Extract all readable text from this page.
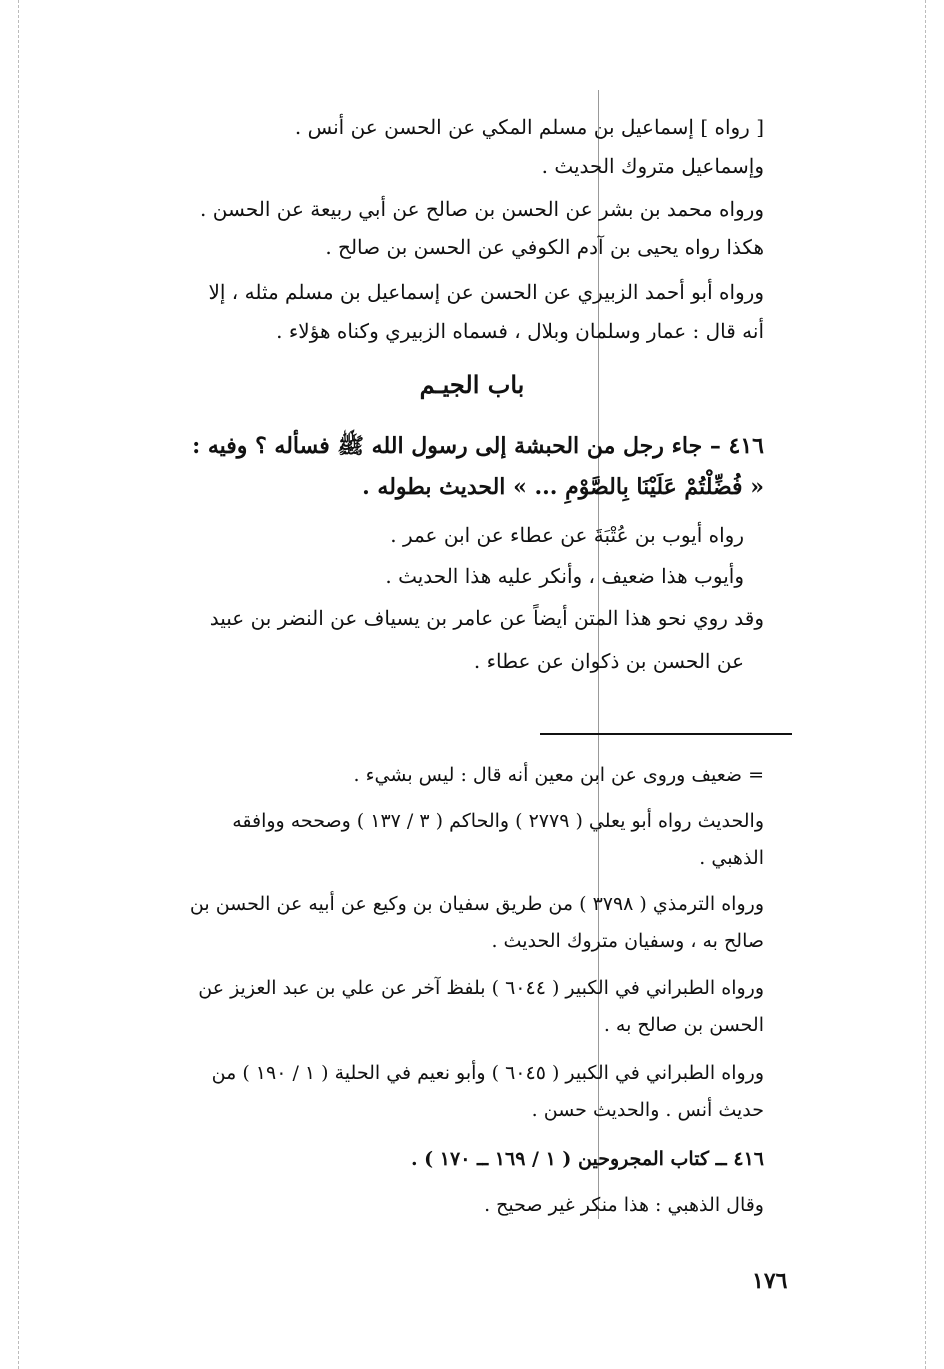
[ رواه ] إسماعيل بن مسلم المكي عن الحسن عن أنس .
وإسماعيل متروك الحديث .
ورواه محمد بن بشر عن الحسن بن صالح عن أبي ربيعة عن الحسن .
هكذا رواه يحيى بن آدم الكوفي عن الحسن بن صالح .
ورواه أبو أحمد الزبيري عن الحسن عن إسماعيل بن مسلم مثله ، إلا
أنه قال : عمار وسلمان وبلال ، فسماه الزبيري وكناه هؤلاء .
باب الجيـم
٤١٦ – جاء رجل من الحبشة إلى رسول الله ﷺ فسأله ؟ وفيه :
« فُضِّلْتُمْ عَلَيْنَا بِالصَّوْمِ ... » الحديث بطوله .
رواه أيوب بن عُتْبَةَ عن عطاء عن ابن عمر .
وأيوب هذا ضعيف ، وأنكر عليه هذا الحديث .
وقد روي نحو هذا المتن أيضاً عن عامر بن يسياف عن النضر بن عبيد
عن الحسن بن ذكوان عن عطاء .
= ضعيف وروى عن ابن معين أنه قال : ليس بشيء .
والحديث رواه أبو يعلي ( ٢٧٧٩ ) والحاكم ( ٣ / ١٣٧ ) وصححه ووافقه
الذهبي .
ورواه الترمذي ( ٣٧٩٨ ) من طريق سفيان بن وكيع عن أبيه عن الحسن بن
صالح به ، وسفيان متروك الحديث .
ورواه الطبراني في الكبير ( ٦٠٤٤ ) بلفظ آخر عن علي بن عبد العزيز عن
الحسن بن صالح به .
ورواه الطبراني في الكبير ( ٦٠٤٥ ) وأبو نعيم في الحلية ( ١ / ١٩٠ ) من
حديث أنس . والحديث حسن .
٤١٦ ــ كتاب المجروحين ( ١ / ١٦٩ ــ ١٧٠ ) .
وقال الذهبي : هذا منكر غير صحيح .
١٧٦
